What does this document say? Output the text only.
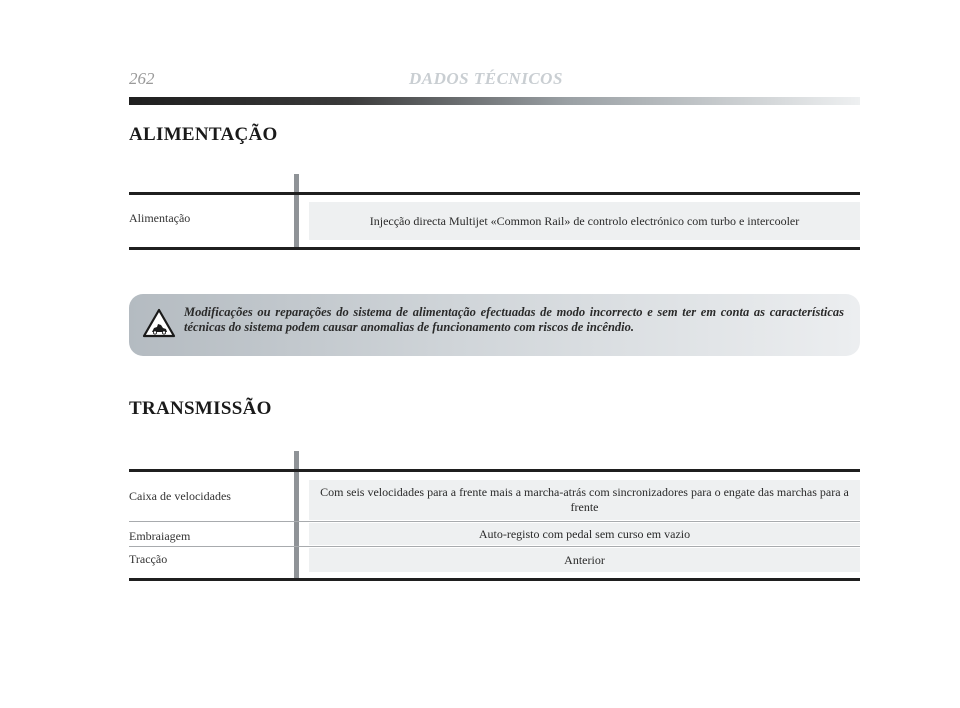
262	DADOS TÉCNICOS
ALIMENTAÇÃO
Alimentação	Injecção directa Multijet «Common Rail» de controlo electrónico com turbo e intercooler
Modificações ou reparações do sistema de alimentação efectuadas de modo incorrecto e sem ter em conta as características técnicas do sistema podem causar anomalias de funcionamento com riscos de incêndio.
TRANSMISSÃO
Caixa de velocidades	Com seis velocidades para a frente mais a marcha-atrás com sincronizadores para o engate das marchas para a frente
Embraiagem	Auto-registo com pedal sem curso em vazio
Tracção	Anterior
